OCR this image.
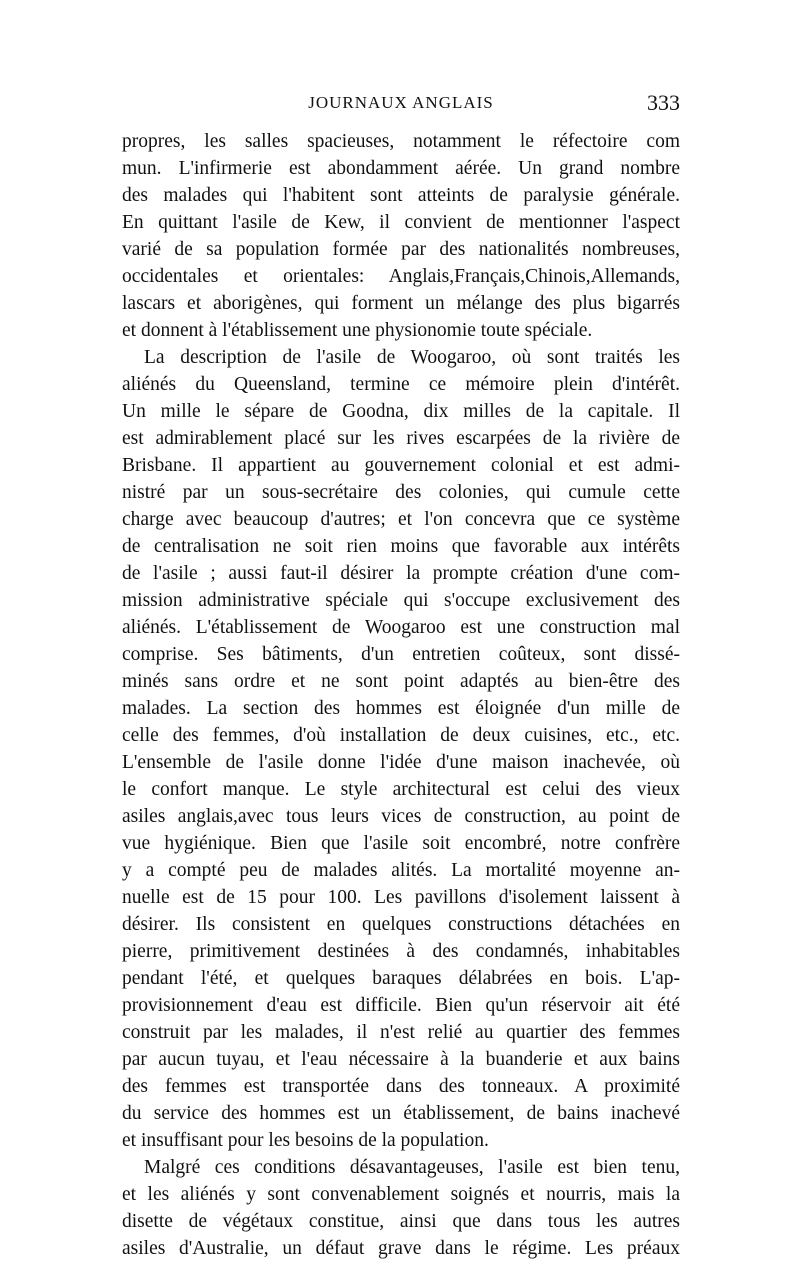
JOURNAUX ANGLAIS	333
propres, les salles spacieuses, notamment le réfectoire com
mun. L'infirmerie est abondamment aérée. Un grand nombre
des malades qui l'habitent sont atteints de paralysie générale.
En quittant l'asile de Kew, il convient de mentionner l'aspect
varié de sa population formée par des nationalités nombreuses,
occidentales et orientales: Anglais,Français,Chinois,Allemands,
lascars et aborigènes, qui forment un mélange des plus bigarrés
et donnent à l'établissement une physionomie toute spéciale.
La description de l'asile de Woogaroo, où sont traités les
aliénés du Queensland, termine ce mémoire plein d'intérêt.
Un mille le sépare de Goodna, dix milles de la capitale. Il
est admirablement placé sur les rives escarpées de la rivière de
Brisbane. Il appartient au gouvernement colonial et est admi-
nistré par un sous-secrétaire des colonies, qui cumule cette
charge avec beaucoup d'autres; et l'on concevra que ce système
de centralisation ne soit rien moins que favorable aux intérêts
de l'asile ; aussi faut-il désirer la prompte création d'une com-
mission administrative spéciale qui s'occupe exclusivement des
aliénés. L'établissement de Woogaroo est une construction mal
comprise. Ses bâtiments, d'un entretien coûteux, sont dissé-
minés sans ordre et ne sont point adaptés au bien-être des
malades. La section des hommes est éloignée d'un mille de
celle des femmes, d'où installation de deux cuisines, etc., etc.
L'ensemble de l'asile donne l'idée d'une maison inachevée, où
le confort manque. Le style architectural est celui des vieux
asiles anglais,avec tous leurs vices de construction, au point de
vue hygiénique. Bien que l'asile soit encombré, notre confrère
y a compté peu de malades alités. La mortalité moyenne an-
nuelle est de 15 pour 100. Les pavillons d'isolement laissent à
désirer. Ils consistent en quelques constructions détachées en
pierre, primitivement destinées à des condamnés, inhabitables
pendant l'été, et quelques baraques délabrées en bois. L'ap-
provisionnement d'eau est difficile. Bien qu'un réservoir ait été
construit par les malades, il n'est relié au quartier des femmes
par aucun tuyau, et l'eau nécessaire à la buanderie et aux bains
des femmes est transportée dans des tonneaux. A proximité
du service des hommes est un établissement, de bains inachevé
et insuffisant pour les besoins de la population.
Malgré ces conditions désavantageuses, l'asile est bien tenu,
et les aliénés y sont convenablement soignés et nourris, mais la
disette de végétaux constitue, ainsi que dans tous les autres
asiles d'Australie, un défaut grave dans le régime. Les préaux
